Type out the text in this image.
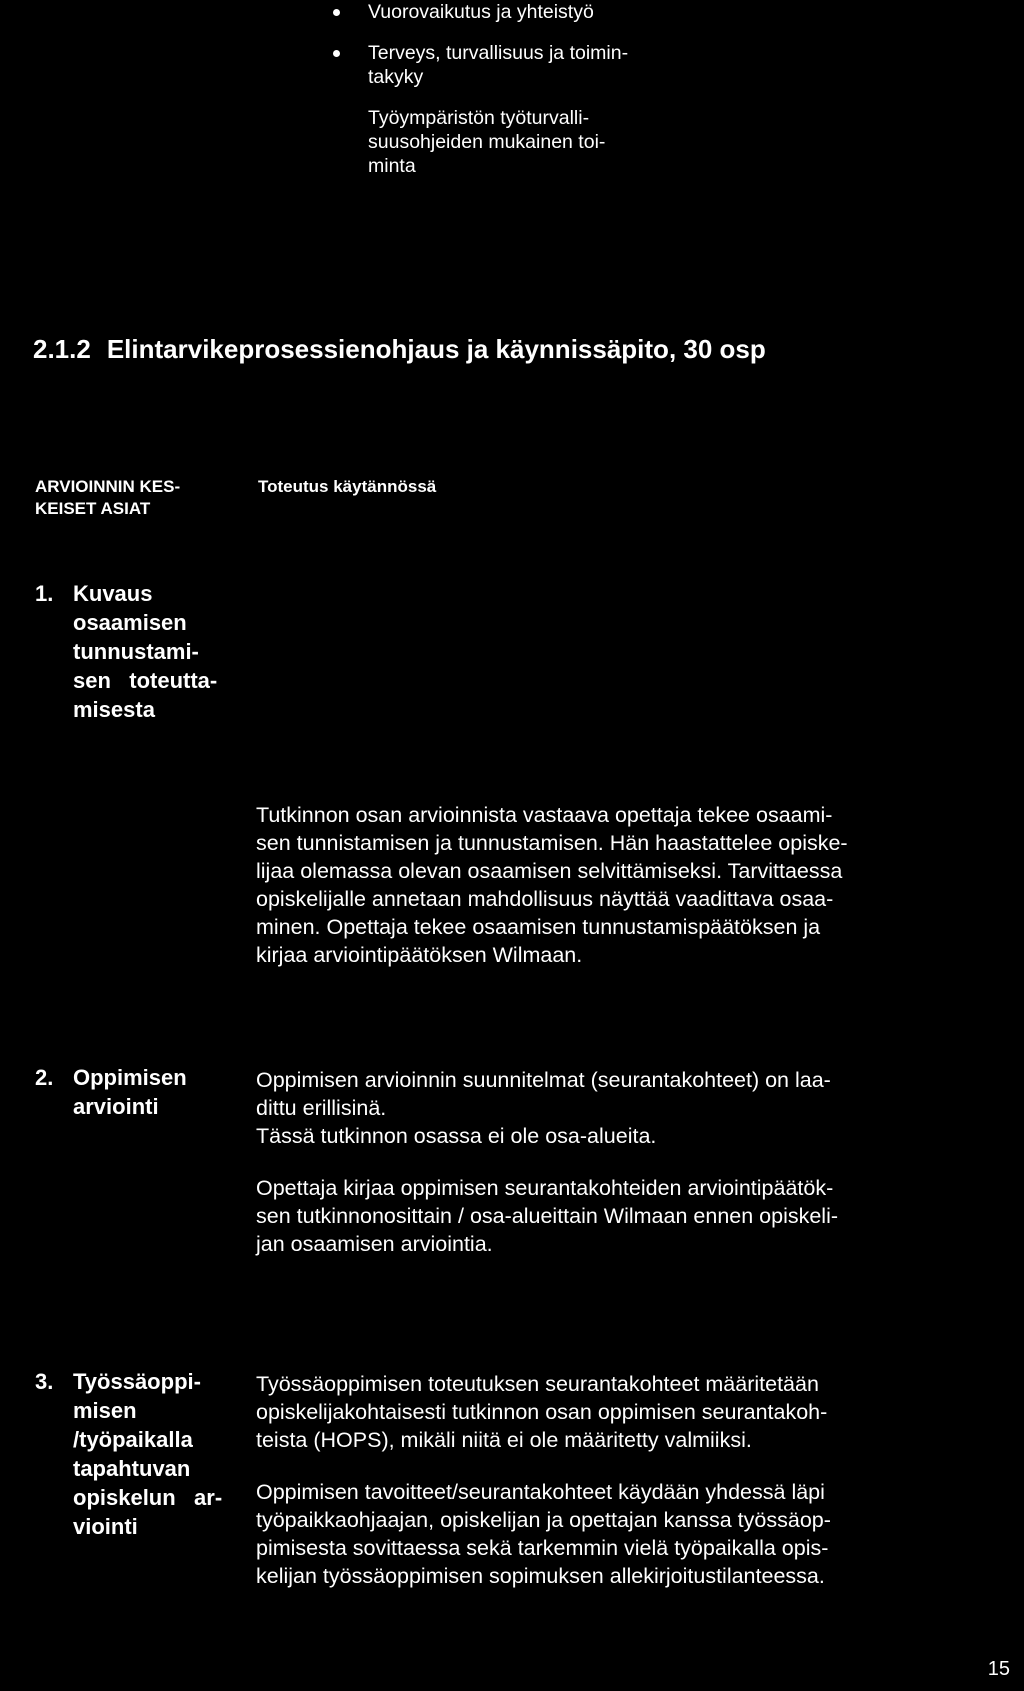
Vuorovaikutus ja yhteistyö
Terveys, turvallisuus ja toimin-
takyky
Työympäristön työturvalli-
suusohjeiden mukainen toi-
minta
2.1.2 Elintarvikeprosessienohjaus ja käynnissäpito, 30 osp
ARVIOINNIN KES-
KEISET ASIAT
Toteutus käytännössä
1. Kuvaus
osaamisen
tunnustami-
sen   toteutta-
misesta
Tutkinnon osan arvioinnista vastaava opettaja tekee osaami-
sen tunnistamisen ja tunnustamisen. Hän haastattelee opiske-
lijaa olemassa olevan osaamisen selvittämiseksi. Tarvittaessa
opiskelijalle annetaan mahdollisuus näyttää vaadittava osaa-
minen. Opettaja tekee osaamisen tunnustamispäätöksen ja
kirjaa arviointipäätöksen Wilmaan.
2. Oppimisen
arviointi
Oppimisen arvioinnin suunnitelmat (seurantakohteet) on laa-
dittu erillisinä.
Tässä tutkinnon osassa ei ole osa-alueita.
Opettaja kirjaa oppimisen seurantakohteiden arviointipäätök-
sen tutkinnonosittain / osa-alueittain Wilmaan ennen opiskeli-
jan osaamisen arviointia.
3. Työssäoppi-
misen
/työpaikalla
tapahtuvan
opiskelun   ar-
viointi
Työssäoppimisen toteutuksen seurantakohteet määritetään
opiskelijakohtaisesti tutkinnon osan oppimisen seurantakoh-
teista (HOPS), mikäli niitä ei ole määritetty valmiiksi.
Oppimisen tavoitteet/seurantakohteet käydään yhdessä läpi
työpaikkaohjaajan, opiskelijan ja opettajan kanssa työssäop-
pimisesta sovittaessa sekä tarkemmin vielä työpaikalla opis-
kelijan työssäoppimisen sopimuksen allekirjoitustilanteessa.
15
